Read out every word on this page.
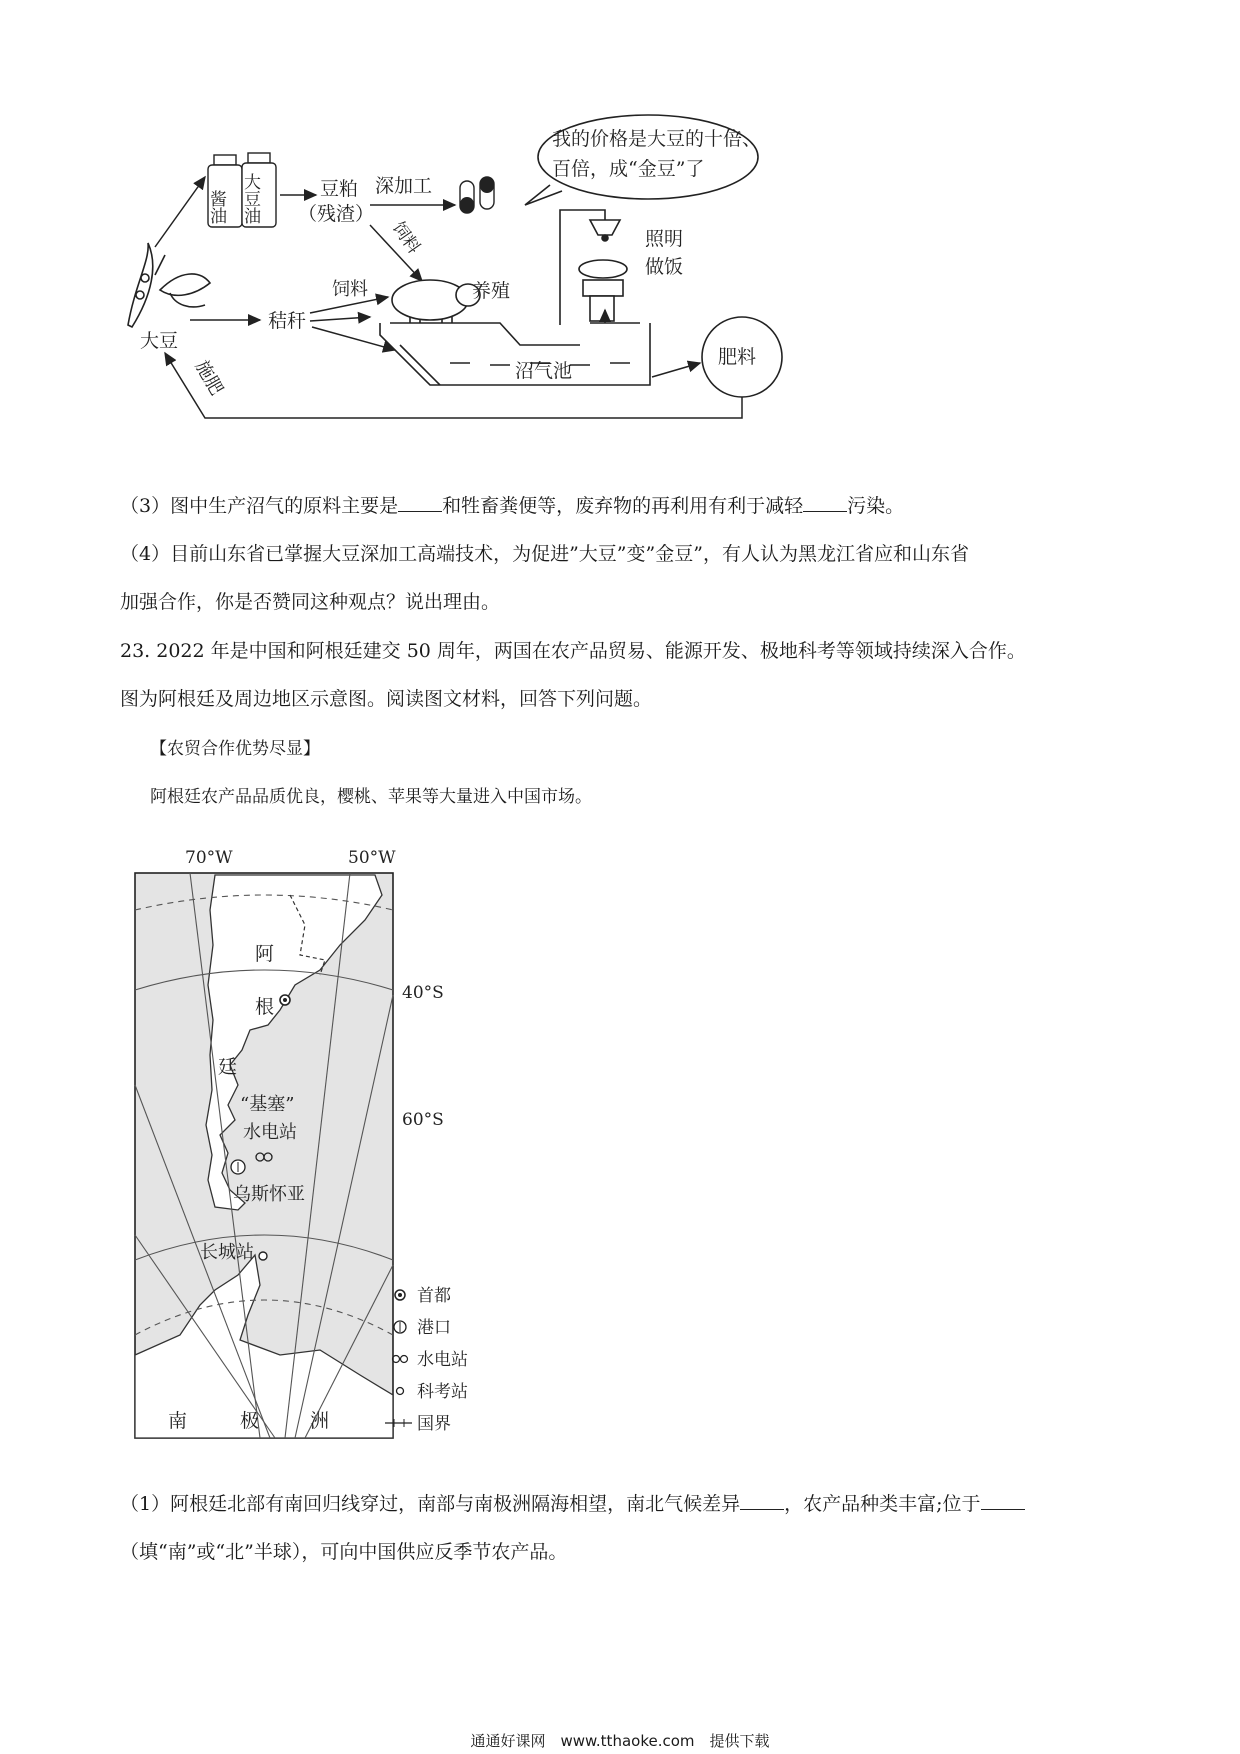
我的价格是大豆的十倍、
百倍，成“金豆”了
酱油 大豆油	豆粕
（残渣）
深加工
饲料
大豆
秸秆
饲料	养殖
沼气池
照明
做饭
肥料
施肥
（3）图中生产沼气的原料主要是 和牲畜粪便等，废弃物的再利用有利于减轻 污染。
（4）目前山东省已掌握大豆深加工高端技术，为促进”大豆”变”金豆”，有人认为黑龙江省应和山东省
加强合作，你是否赞同这种观点？说出理由。
23. 2022 年是中国和阿根廷建交 50 周年，两国在农产品贸易、能源开发、极地科考等领域持续深入合作。
图为阿根廷及周边地区示意图。阅读图文材料，回答下列问题。
【农贸合作优势尽显】
阿根廷农产品品质优良，樱桃、苹果等大量进入中国市场。
70°W	50°W
阿
根
廷
40°S
60°S
“基塞”
水电站
乌斯怀亚
长城站
南	极	洲
首都
港口
水电站
科考站
国界
（1）阿根廷北部有南回归线穿过，南部与南极洲隔海相望，南北气候差异 ，农产品种类丰富;位于
（填“南”或“北”半球），可向中国供应反季节农产品。
通通好课网　www.tthaoke.com　提供下载
